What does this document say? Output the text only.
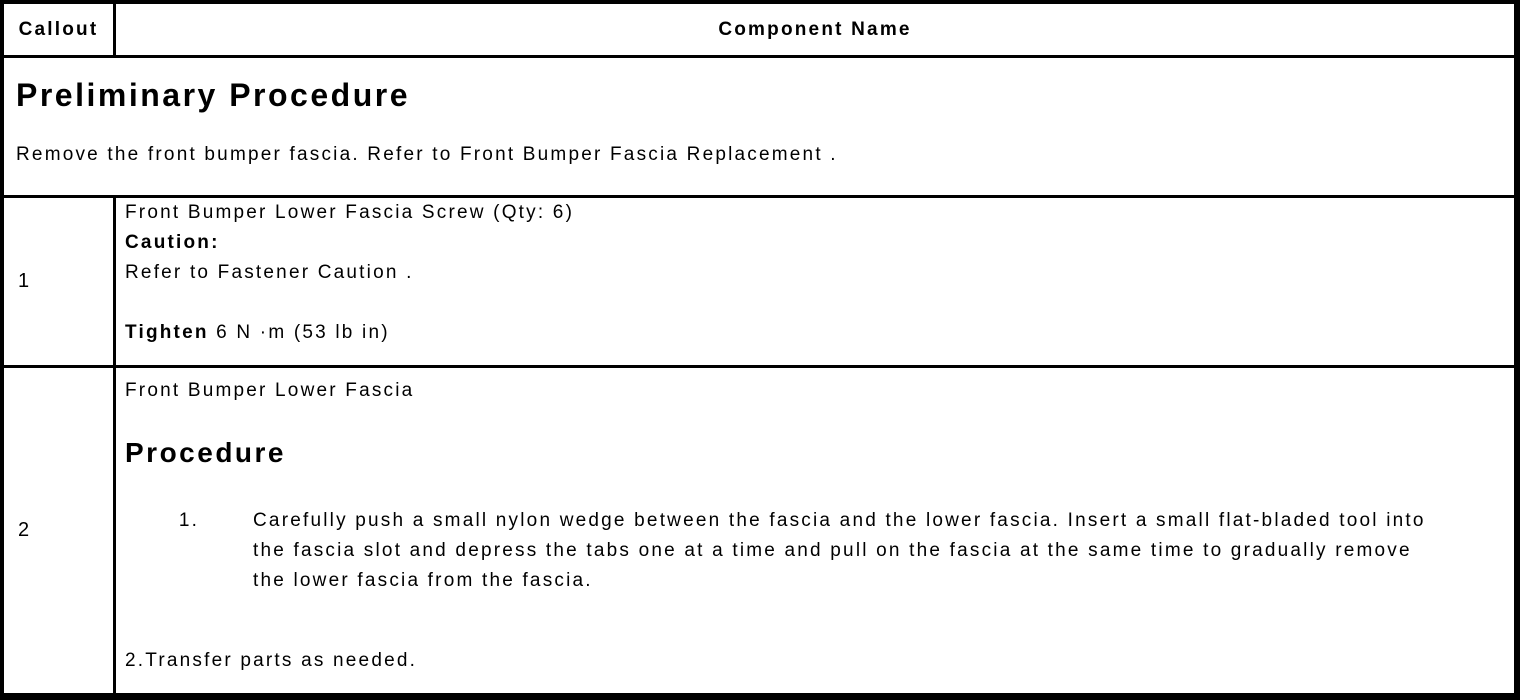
Callout	Component Name
Preliminary Procedure
Remove the front bumper fascia. Refer to Front Bumper Fascia Replacement .
1
Front Bumper Lower Fascia Screw (Qty: 6)
Caution:
Refer to Fastener Caution .
Tighten 6 N ·m (53 lb in)
2
Front Bumper Lower Fascia
Procedure
1.	Carefully push a small nylon wedge between the fascia and the lower fascia. Insert a small flat-bladed tool into the fascia slot and depress the tabs one at a time and pull on the fascia at the same time to gradually remove the lower fascia from the fascia.
2.Transfer parts as needed.
